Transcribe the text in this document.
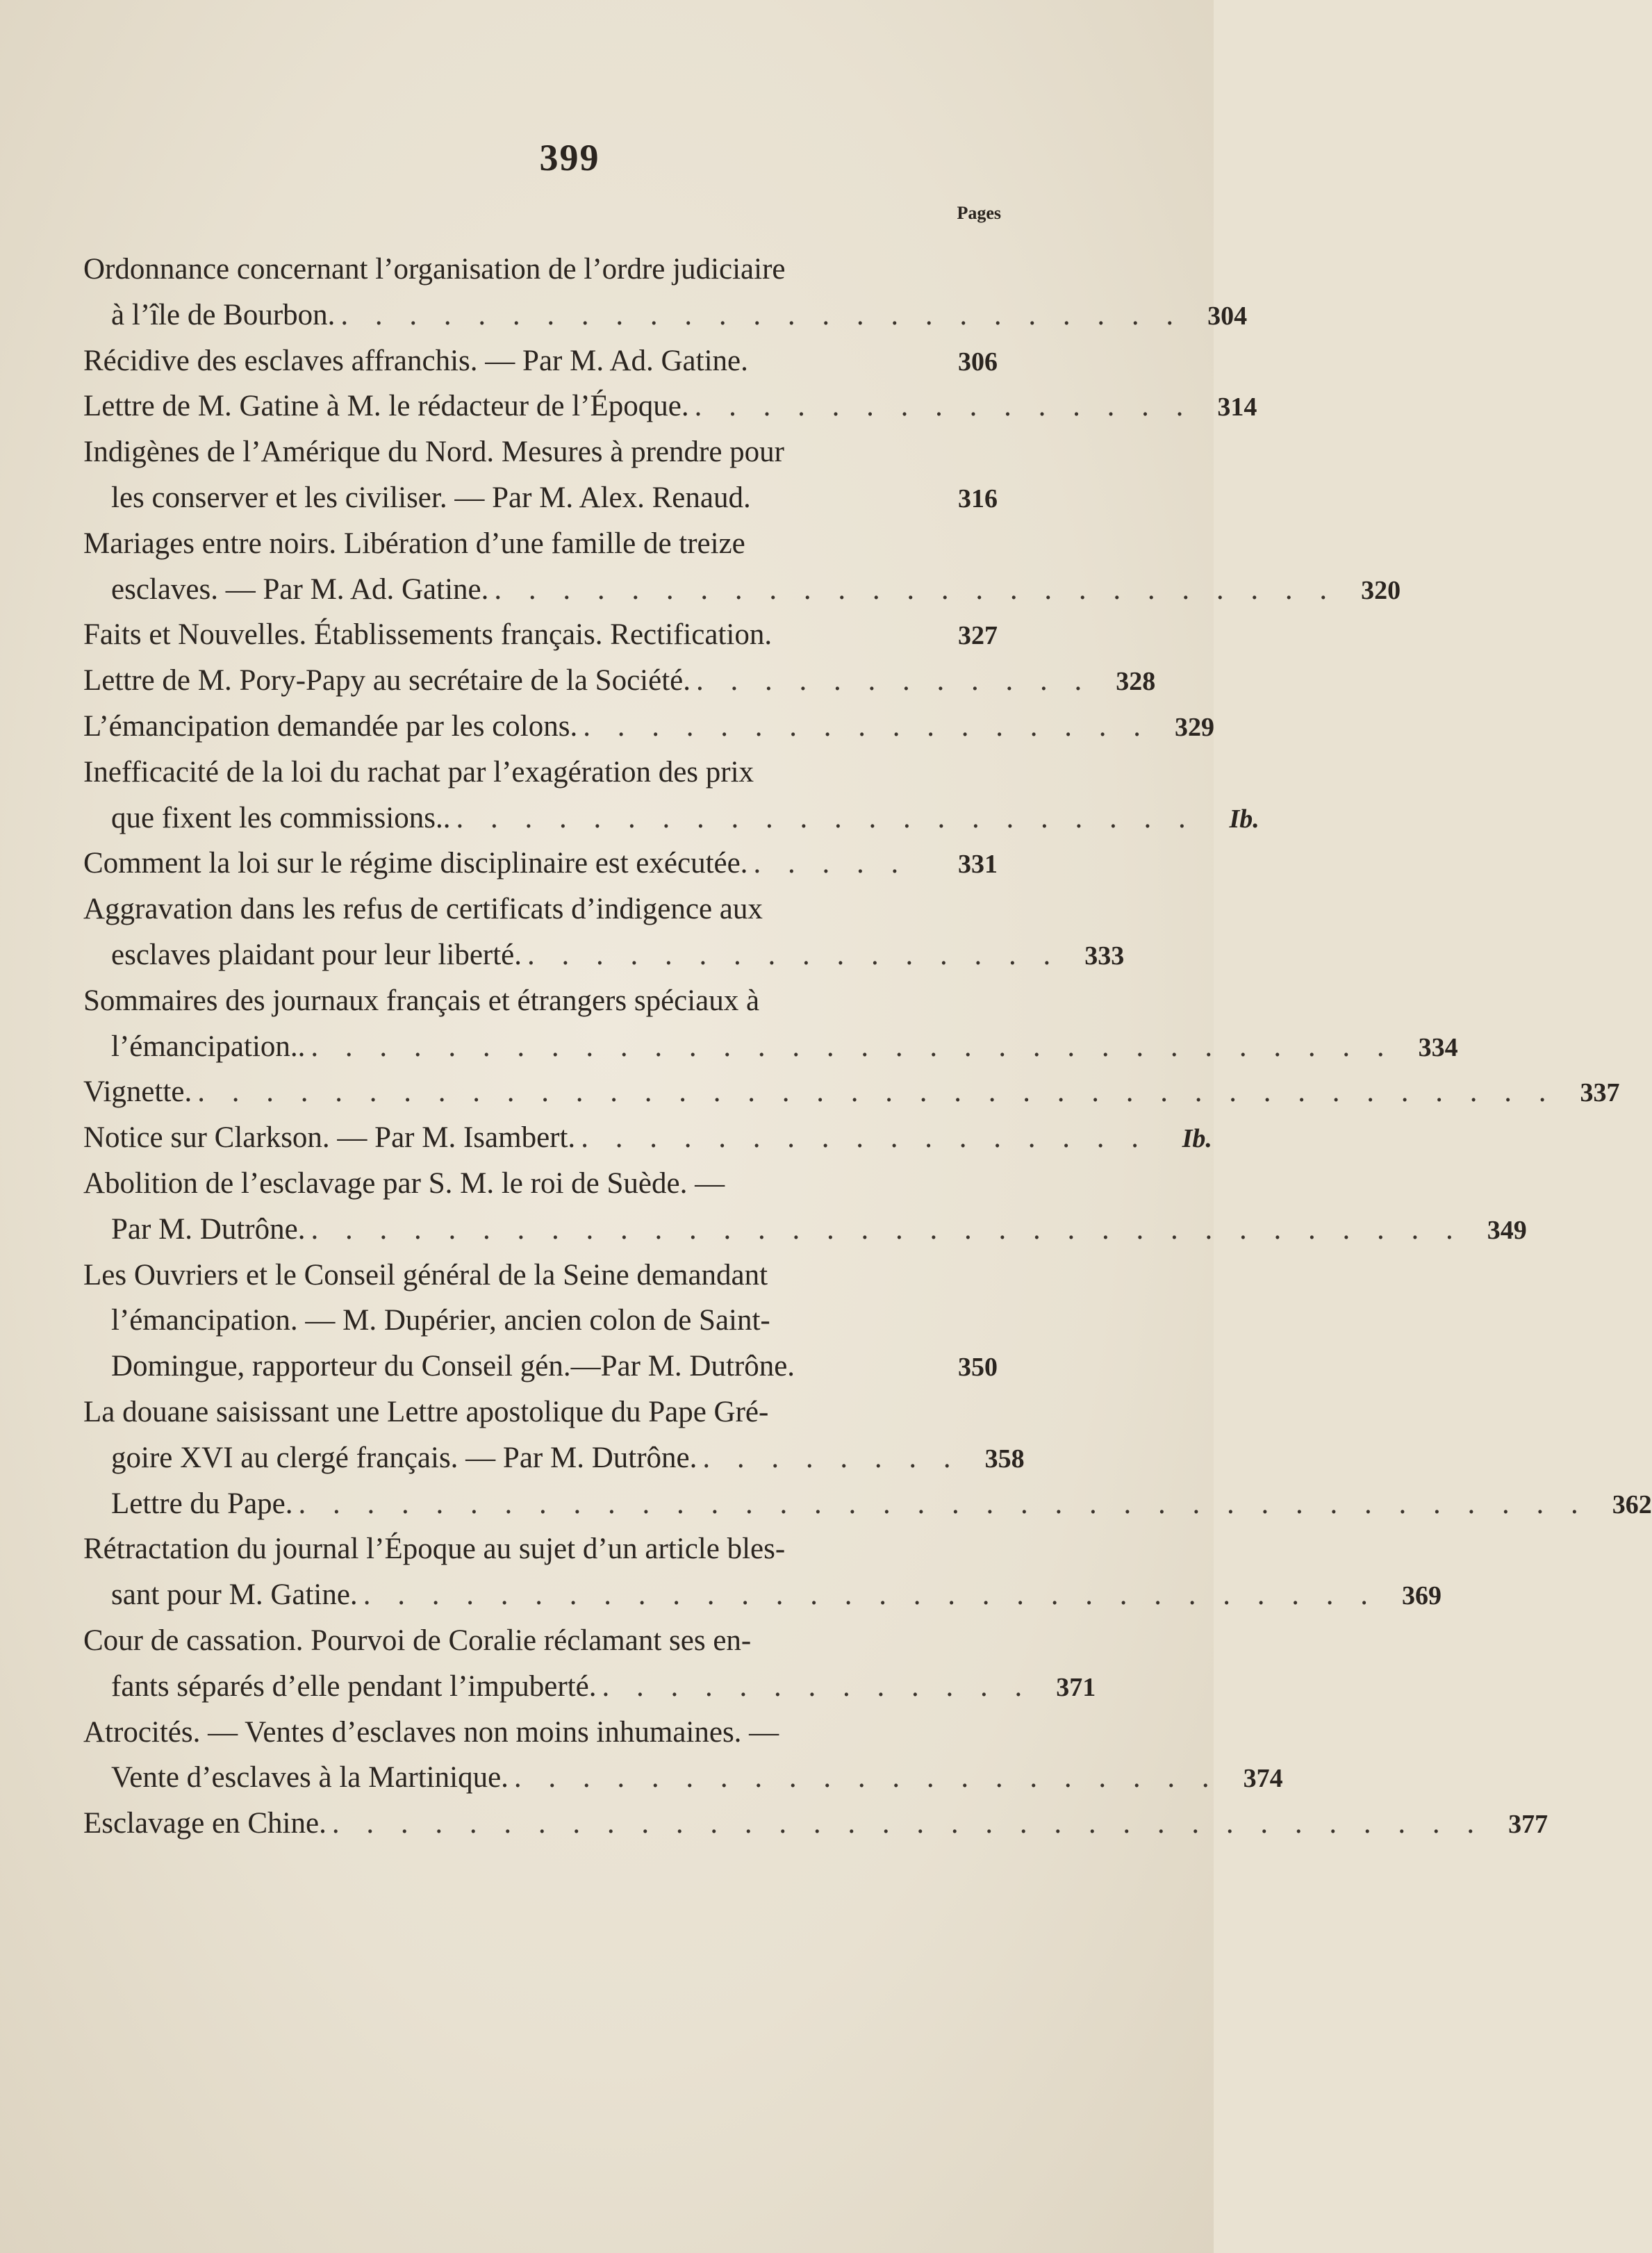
399
Pages
Ordonnance concernant l’organisation de l’ordre judiciaire
à l’île de Bourbon. . . . . . . . . . . . . . . . . . . . . . . . . . 304
Récidive des esclaves affranchis. — Par M. Ad. Gatine.	306
Lettre de M. Gatine à M. le rédacteur de l’Époque. . . . . . . . . . . . . . . . 314
Indigènes de l’Amérique du Nord. Mesures à prendre pour
les conserver et les civiliser. — Par M. Alex. Renaud.	316
Mariages entre noirs. Libération d’une famille de treize
esclaves. — Par M. Ad. Gatine. . . . . . . . . . . . . . . . . . . . . . . . . . 320
Faits et Nouvelles. Établissements français. Rectification.	327
Lettre de M. Pory-Papy au secrétaire de la Société. . . . . . . . . . . . . 328
L’émancipation demandée par les colons. . . . . . . . . . . . . . . . . . 329
Inefficacité de la loi du rachat par l’exagération des prix
que fixent les commissions.. . . . . . . . . . . . . . . . . . . . . . .	Ib.
Comment la loi sur le régime disciplinaire est exécutée. . . . . .	331
Aggravation dans les refus de certificats d’indigence aux
esclaves plaidant pour leur liberté. . . . . . . . . . . . . . . . . 333
Sommaires des journaux français et étrangers spéciaux à
l’émancipation.. . . . . . . . . . . . . . . . . . . . . . . . . . . . . . . . . 334
Vignette. . . . . . . . . . . . . . . . . . . . . . . . . . . . . . . . . . . . . . . . . 337
Notice sur Clarkson. — Par M. Isambert. . . . . . . . . . . . . . . . . .	Ib.
Abolition de l’esclavage par S. M. le roi de Suède. —
Par M. Dutrône. . . . . . . . . . . . . . . . . . . . . . . . . . . . . . . . . . . 349
Les Ouvriers et le Conseil général de la Seine demandant
l’émancipation. — M. Dupérier, ancien colon de Saint-
Domingue, rapporteur du Conseil gén.—Par M. Dutrône.	350
La douane saisissant une Lettre apostolique du Pape Gré-
goire XVI au clergé français. — Par M. Dutrône. . . . . . . . . 358
Lettre du Pape. . . . . . . . . . . . . . . . . . . . . . . . . . . . . . . . . . . . . . . 362
Rétractation du journal l’Époque au sujet d’un article bles-
sant pour M. Gatine. . . . . . . . . . . . . . . . . . . . . . . . . . . . . . . 369
Cour de cassation. Pourvoi de Coralie réclamant ses en-
fants séparés d’elle pendant l’impuberté. . . . . . . . . . . . . . 371
Atrocités. — Ventes d’esclaves non moins inhumaines. —
Vente d’esclaves à la Martinique. . . . . . . . . . . . . . . . . . . . . . 374
Esclavage en Chine. . . . . . . . . . . . . . . . . . . . . . . . . . . . . . . . . . . 377
